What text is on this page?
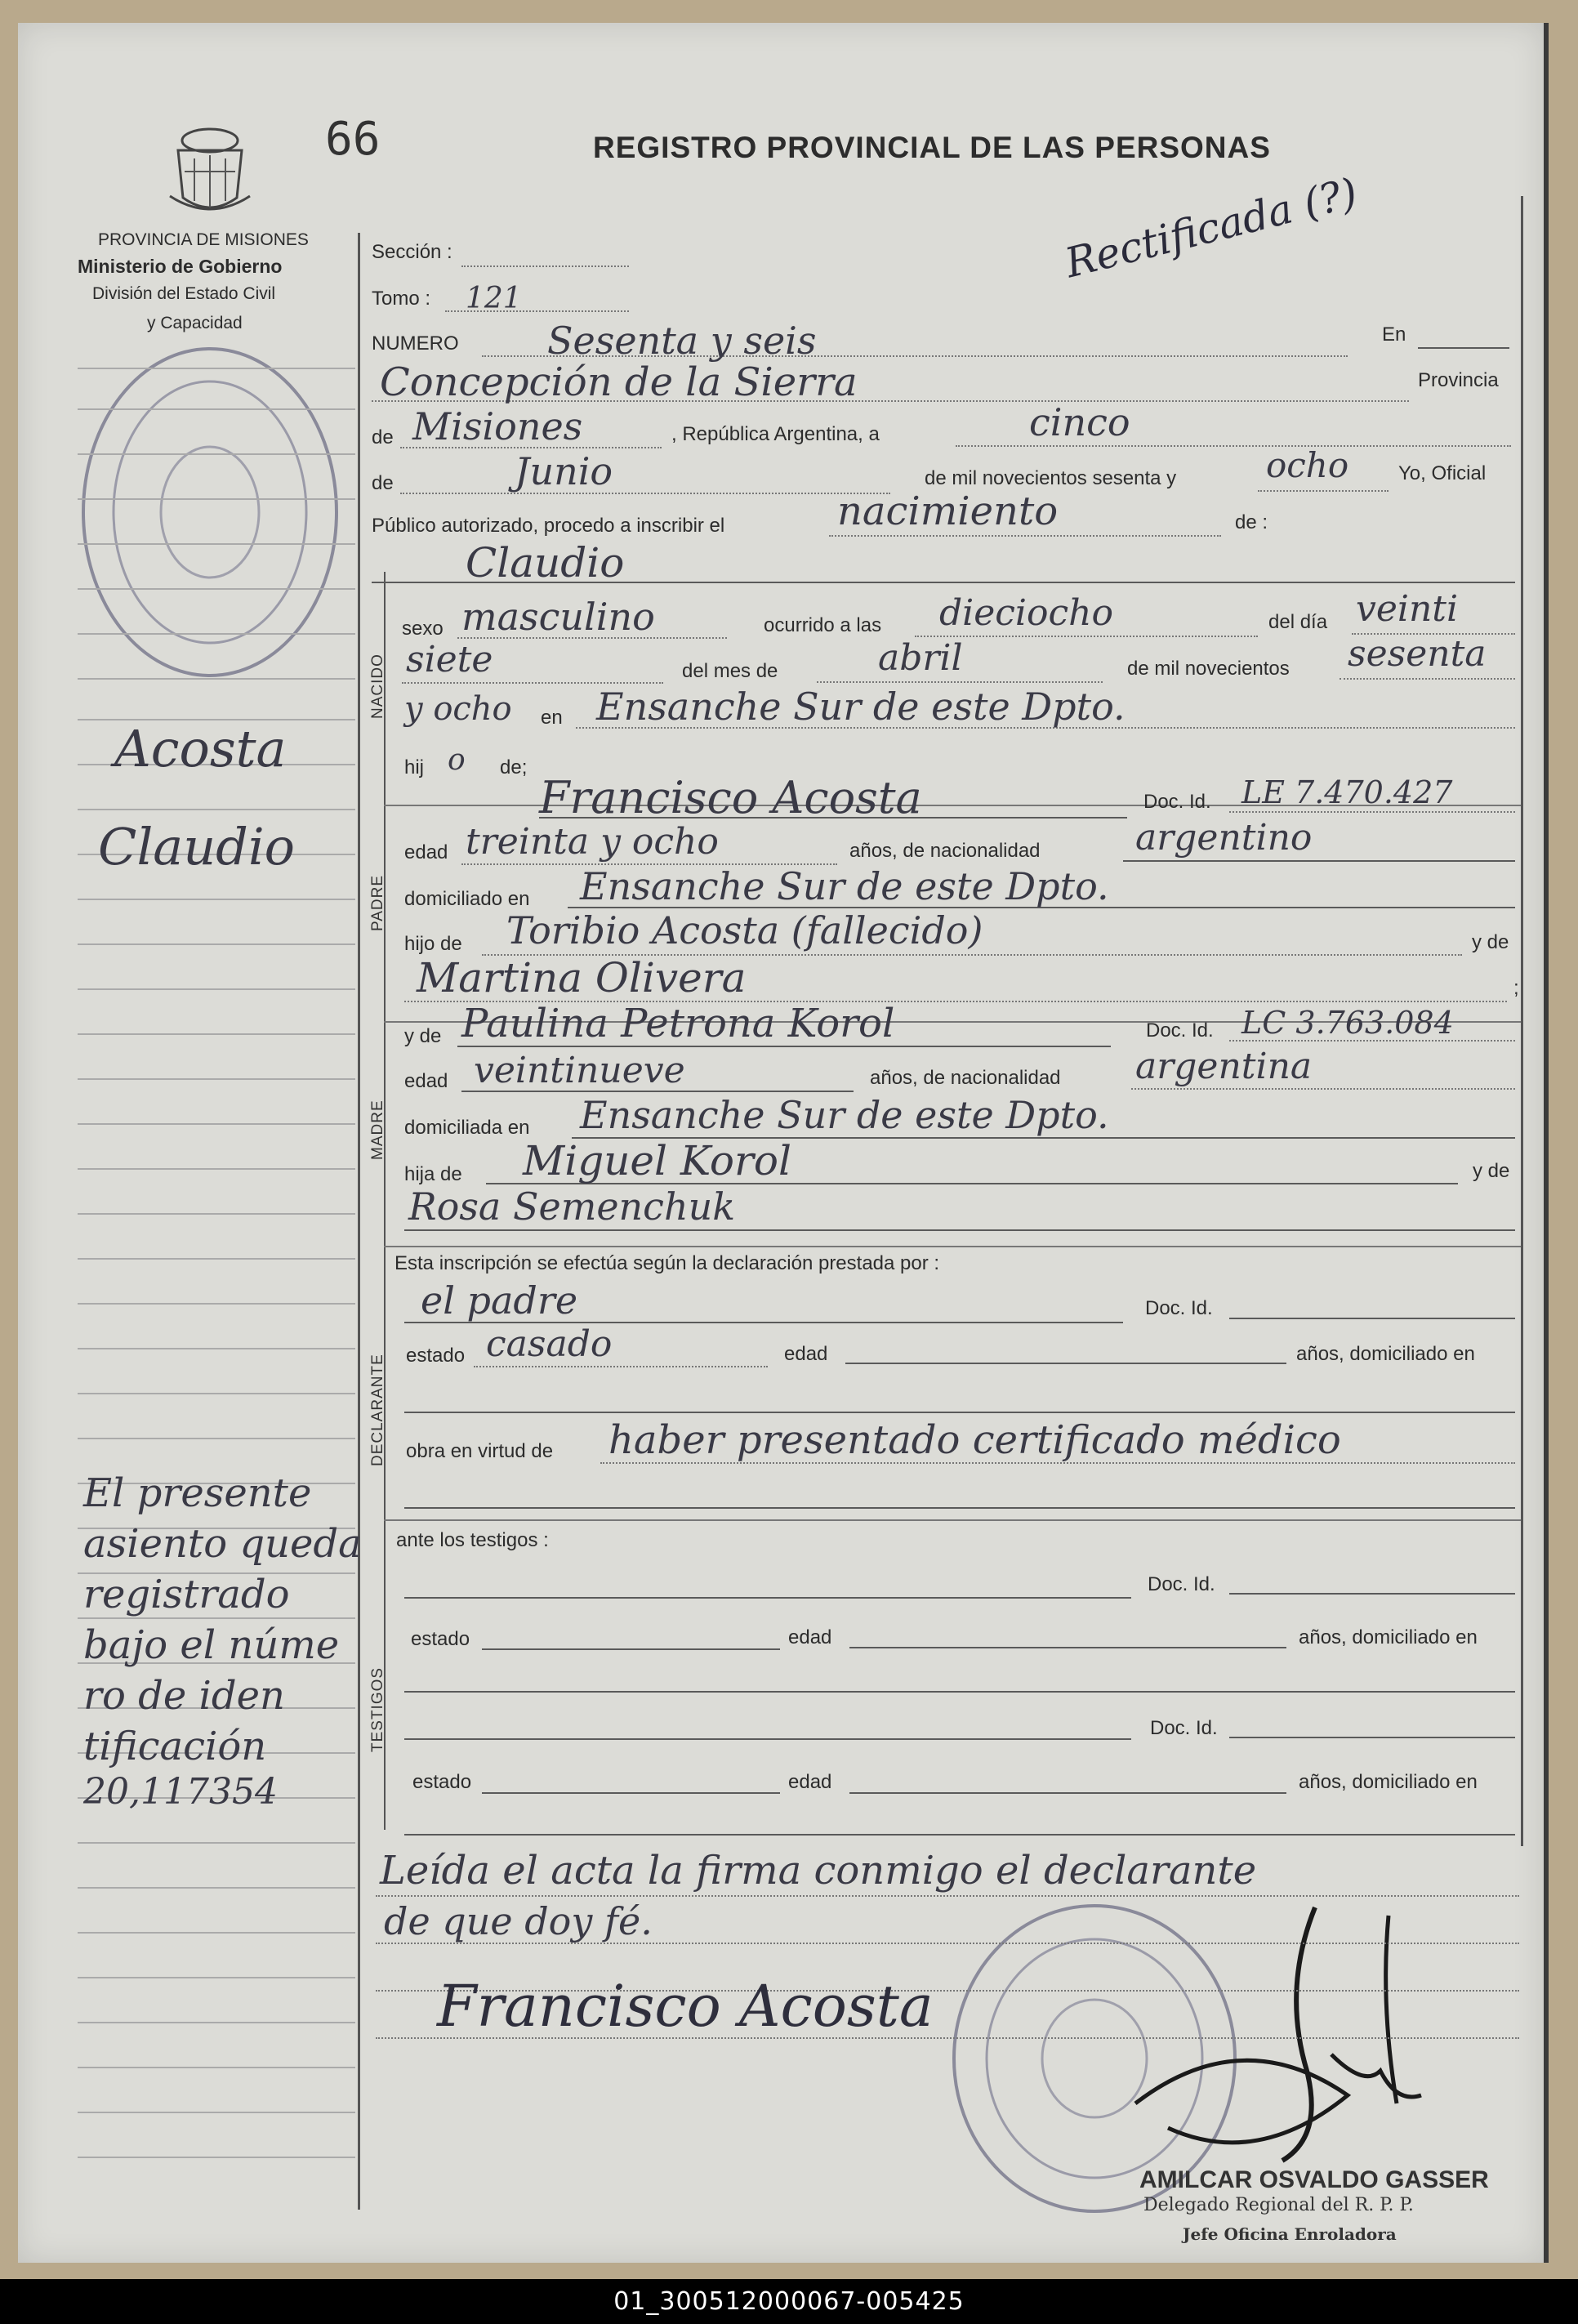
66	REGISTRO PROVINCIAL DE LAS PERSONAS
PROVINCIA DE MISIONES
Ministerio de Gobierno
División del Estado Civil
y Capacidad
Rectificada (?)
Acosta
Claudio
El presente
asiento queda
registrado
bajo el núme
ro de iden
tificación
20,117354
Sección :
Tomo : 121
NUMERO Sesenta y seis	En
Concepción de la Sierra	Provincia
de Misiones	, República Argentina, a	cinco
de	Junio	de mil novecientos sesenta y	ocho	Yo, Oficial
Público autorizado, procedo a inscribir el	nacimiento	de :
Claudio
NACIDO
sexo masculino	ocurrido a las dieciocho	del día veinti
siete	del mes de	abril	de mil novecientos sesenta
y ocho en Ensanche Sur de este Dpto.
hij o de;
PADRE
Francisco Acosta	Doc. Id. LE 7.470.427
edad treinta y ocho	años, de nacionalidad	argentino
domiciliado en Ensanche Sur de este Dpto.
hijo de Toribio Acosta (fallecido)	y de
Martina Olivera	;
MADRE
y de Paulina Petrona Korol	Doc. Id. LC 3.763.084
edad veintinueve	años, de nacionalidad argentina
domiciliada en Ensanche Sur de este Dpto.
hija de Miguel Korol	y de
Rosa Semenchuk
Esta inscripción se efectúa según la declaración prestada por :
DECLARANTE
el padre	Doc. Id.
estado casado	edad	años, domiciliado en
obra en virtud de haber presentado certificado médico
ante los testigos :
TESTIGOS
Doc. Id.
estado	edad	años, domiciliado en
Doc. Id.
estado	edad	años, domiciliado en
Leída el acta la firma conmigo el declarante
de que doy fé.
Francisco Acosta
AMILCAR OSVALDO GASSER
Delegado Regional del R. P. P.
Jefe Oficina Enroladora
01_300512000067-005425
